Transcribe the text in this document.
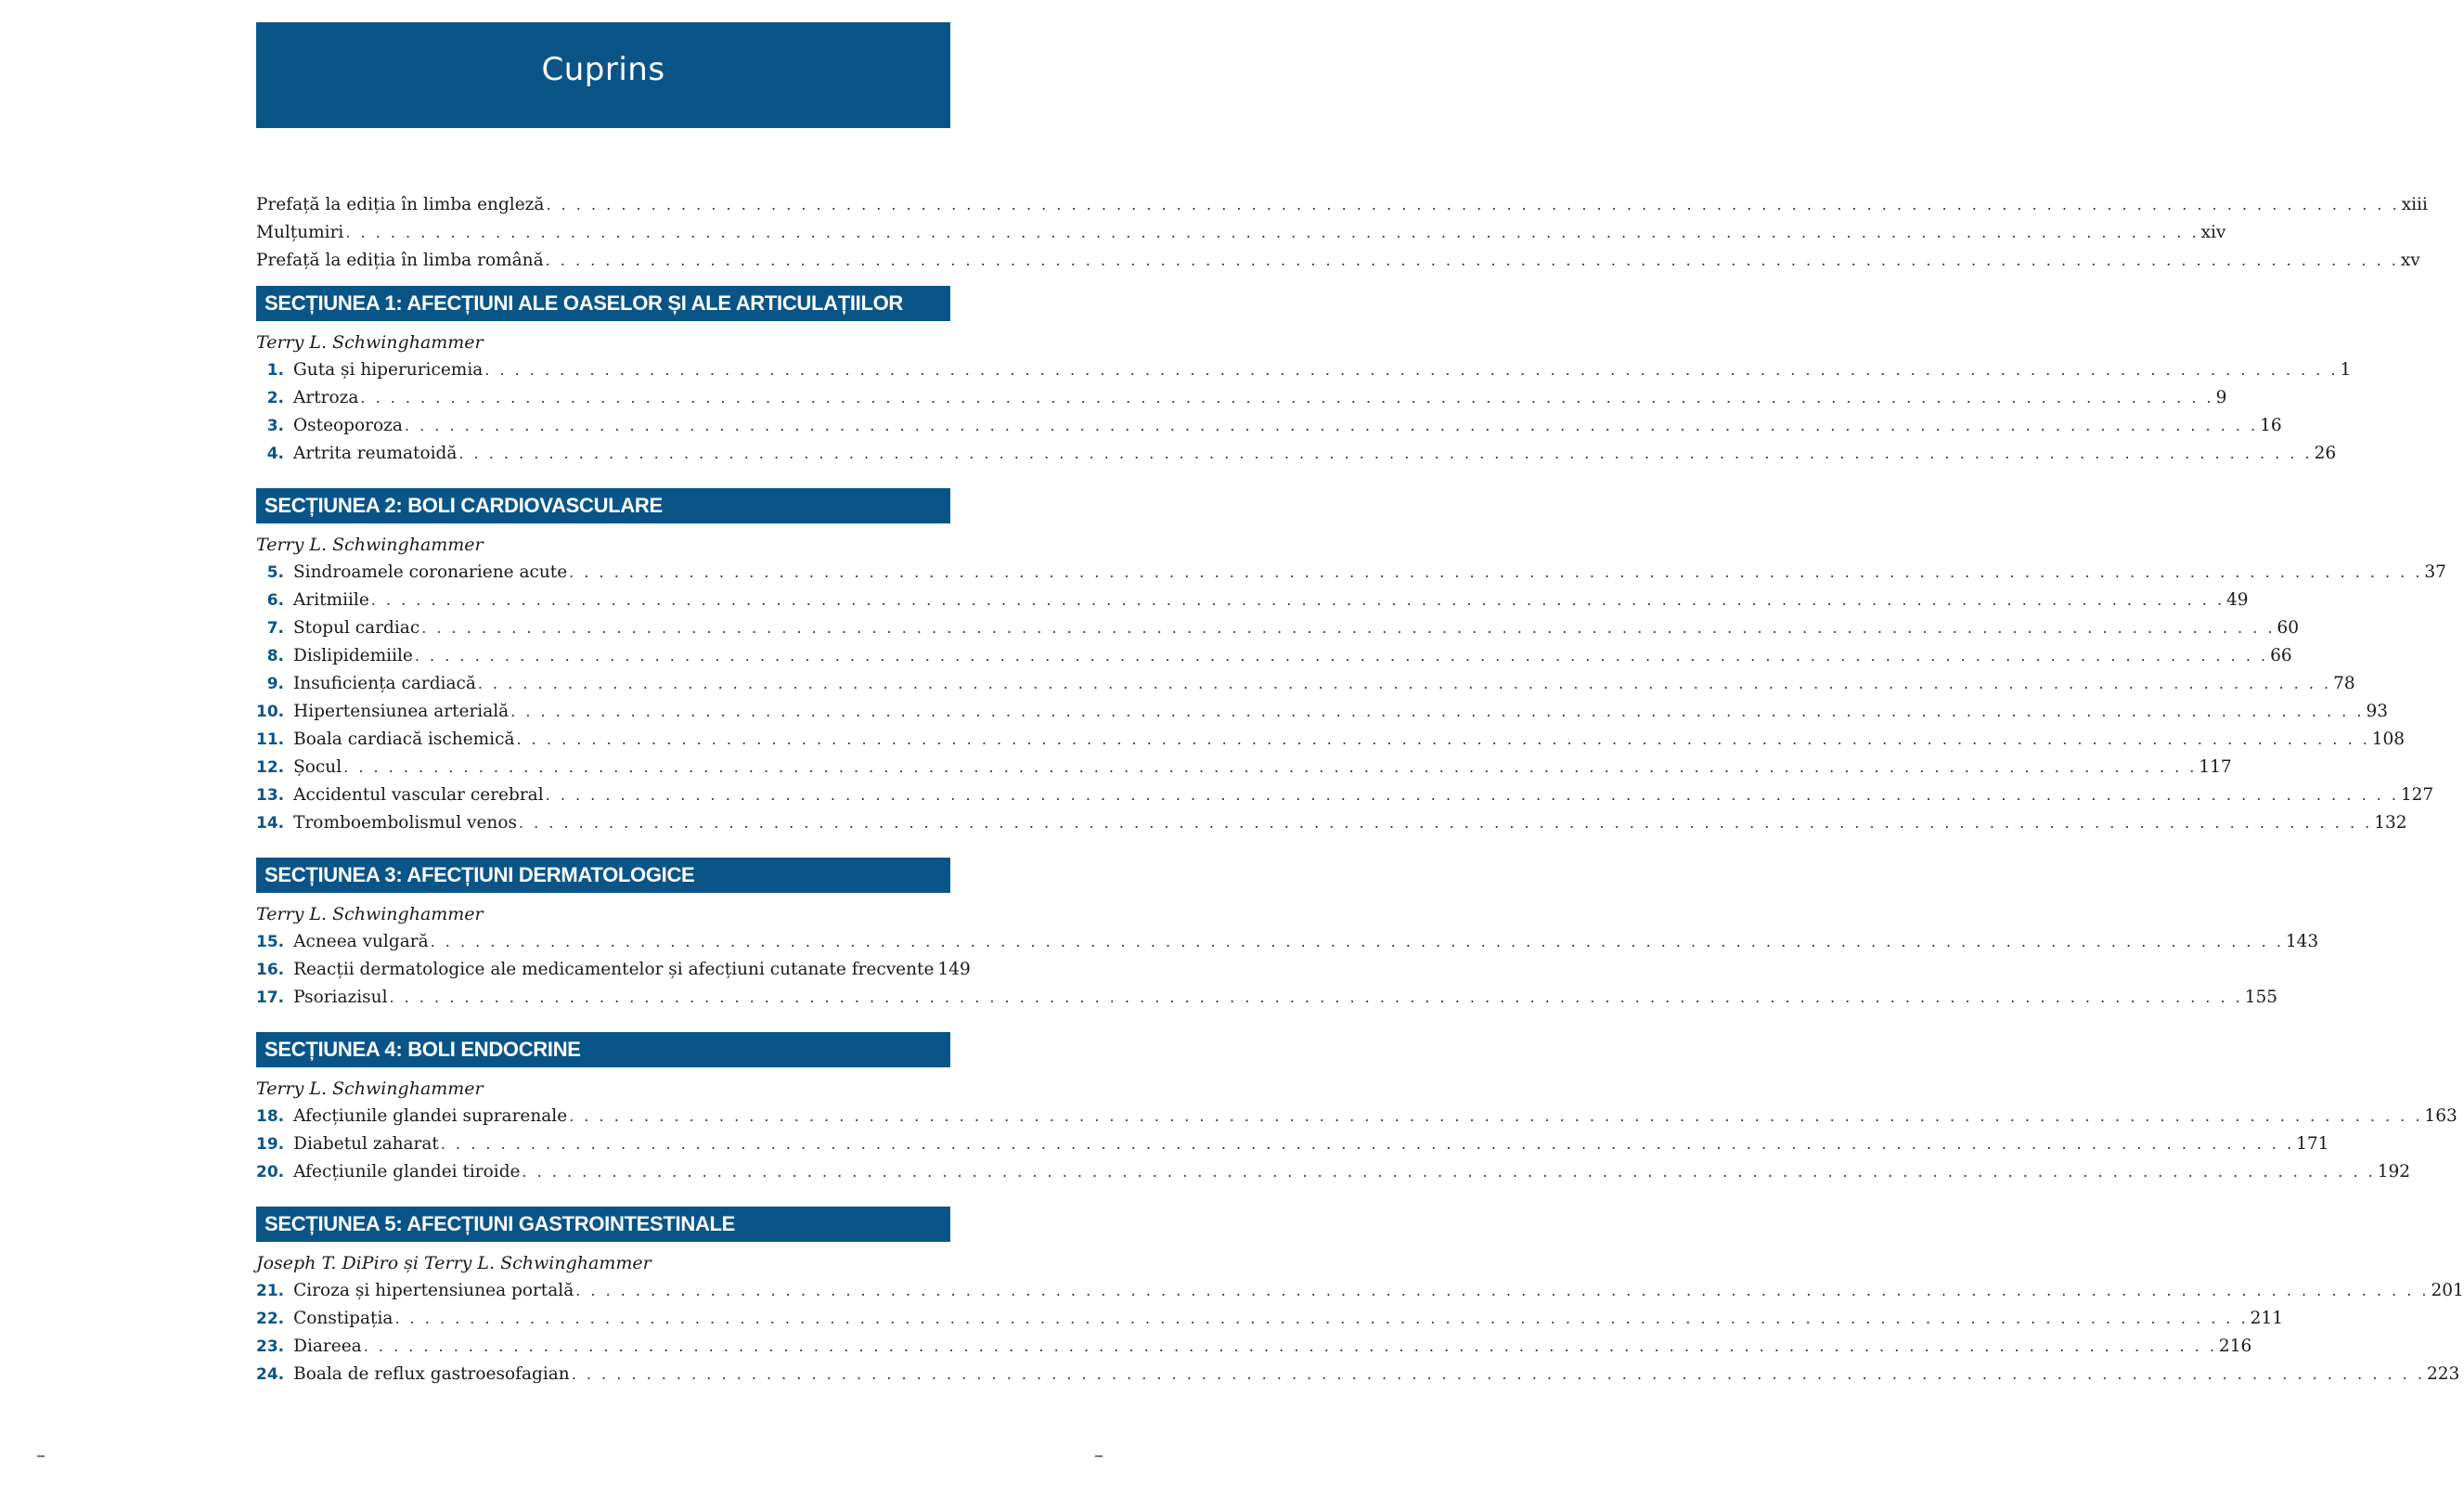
Cuprins
Prefață la ediția în limba engleză . . .	xiii
Mulțumiri . . .	xiv
Prefață la ediția în limba română . . .	xv
SECȚIUNEA 1: AFECȚIUNI ALE OASELOR ȘI ALE ARTICULAȚIILOR
Terry L. Schwinghammer
1. Guta și hiperuricemia . . .	1
2. Artroza . . .	9
3. Osteoporoza . . .	16
4. Artrita reumatoidă . . .	26
SECȚIUNEA 2: BOLI CARDIOVASCULARE
Terry L. Schwinghammer
5. Sindroamele coronariene acute . . .	37
6. Aritmiile . . .	49
7. Stopul cardiac . . .	60
8. Dislipidemiile . . .	66
9. Insuficiența cardiacă . . .	78
10. Hipertensiunea arterială . . .	93
11. Boala cardiacă ischemică . . .	108
12. Șocul . . .	117
13. Accidentul vascular cerebral . . .	127
14. Tromboembolismul venos . . .	132
SECȚIUNEA 3: AFECȚIUNI DERMATOLOGICE
Terry L. Schwinghammer
15. Acneea vulgară . . .	143
16. Reacții dermatologice ale medicamentelor și afecțiuni cutanate frecvente 149
17. Psoriazisul . . .	155
SECȚIUNEA 4: BOLI ENDOCRINE
Terry L. Schwinghammer
18. Afecțiunile glandei suprarenale . . .	163
19. Diabetul zaharat . . .	171
20. Afecțiunile glandei tiroide . . .	192
SECȚIUNEA 5: AFECȚIUNI GASTROINTESTINALE
Joseph T. DiPiro și Terry L. Schwinghammer
21. Ciroza și hipertensiunea portală . . .	201
22. Constipația . . .	211
23. Diareea . . .	216
24. Boala de reflux gastroesofagian . . .	223
